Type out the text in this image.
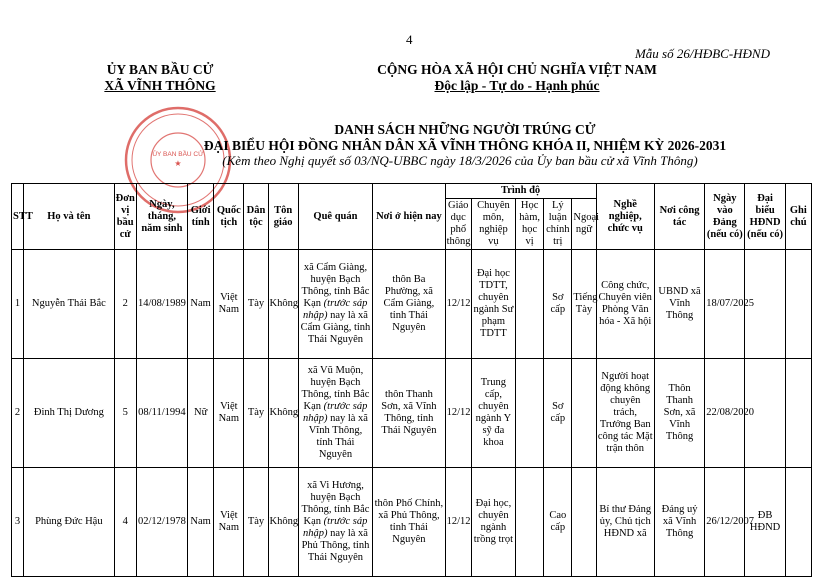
4
Mẫu số 26/HĐBC-HĐND
ỦY BAN BẦU CỬ
XÃ VĨNH THÔNG
CỘNG HÒA XÃ HỘI CHỦ NGHĨA VIỆT NAM
Độc lập - Tự do - Hạnh phúc
ỦY BAN BẦU CỬ
★
DANH SÁCH NHỮNG NGƯỜI TRÚNG CỬ
ĐẠI BIỂU HỘI ĐỒNG NHÂN DÂN XÃ VĨNH THÔNG KHÓA II, NHIỆM KỲ 2026-2031
(Kèm theo Nghị quyết số 03/NQ-UBBC ngày 18/3/2026 của Ủy ban bầu cử xã Vĩnh Thông)
STT	Họ và tên	Đơn vị bầu cử	Ngày, tháng, năm sinh	Giới tính	Quốc tịch	Dân tộc	Tôn giáo	Quê quán	Nơi ở hiện nay	Trình độ					Nghề nghiệp, chức vụ	Nơi công tác	Ngày vào Đảng (nếu có)	Đại biểu HĐND (nếu có)	Ghi chú
										Giáo dục phổ thông	Chuyên môn, nghiệp vụ	Học hàm, học vị	Lý luận chính trị	Ngoại ngữ					
1	Nguyễn Thái Bắc	2	14/08/1989	Nam	Việt Nam	Tày	Không	xã Cẩm Giàng, huyện Bạch Thông, tỉnh Bắc Kạn (trước sáp nhập) nay là xã Cẩm Giàng, tỉnh Thái Nguyên	thôn Ba Phường, xã Cẩm Giàng, tỉnh Thái Nguyên	12/12	Đại học TDTT, chuyên ngành Sư phạm TDTT		Sơ cấp	Tiếng Tày	Công chức, Chuyên viên Phòng Văn hóa - Xã hội	UBND xã Vĩnh Thông	18/07/2025		
2	Đinh Thị Dương	5	08/11/1994	Nữ	Việt Nam	Tày	Không	xã Vũ Muộn, huyện Bạch Thông, tỉnh Bắc Kạn (trước sáp nhập) nay là xã Vĩnh Thông, tỉnh Thái Nguyên	thôn Thanh Sơn, xã Vĩnh Thông, tỉnh Thái Nguyên	12/12	Trung cấp, chuyên ngành Y sỹ đa khoa		Sơ cấp		Người hoạt động không chuyên trách, Trưởng Ban công tác Mặt trận thôn	Thôn Thanh Sơn, xã Vĩnh Thông	22/08/2020		
3	Phùng Đức Hậu	4	02/12/1978	Nam	Việt Nam	Tày	Không	xã Vi Hương, huyện Bạch Thông, tỉnh Bắc Kạn (trước sáp nhập) nay là xã Phủ Thông, tỉnh Thái Nguyên	thôn Phố Chính, xã Phủ Thông, tỉnh Thái Nguyên	12/12	Đại học, chuyên ngành trồng trọt		Cao cấp		Bí thư Đảng ủy, Chủ tịch HĐND xã	Đảng uỷ xã Vĩnh Thông	26/12/2007	ĐB HĐND	
